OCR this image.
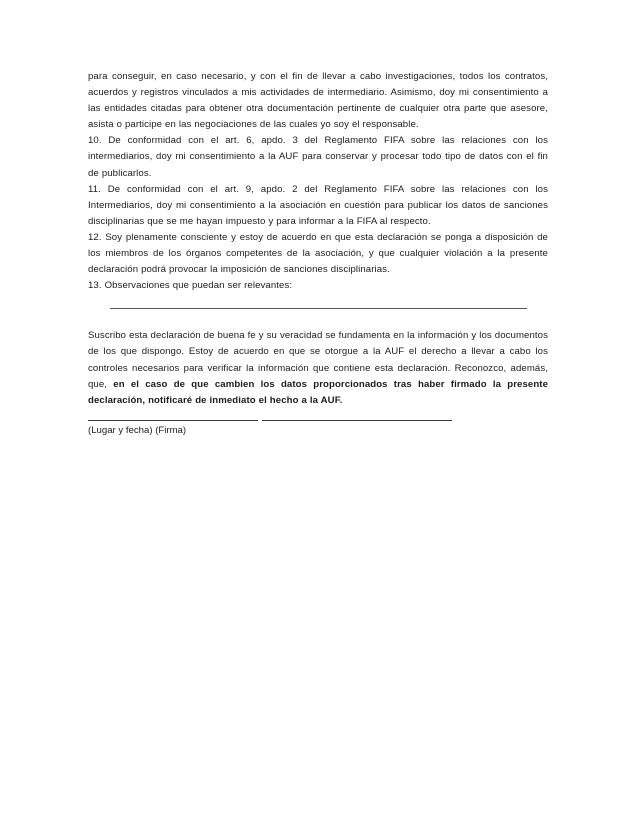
para conseguir, en caso necesario, y con el fin de llevar a cabo investigaciones, todos los contratos, acuerdos y registros vinculados a mis actividades de intermediario. Asimismo, doy mi consentimiento a las entidades citadas para obtener otra documentación pertinente de cualquier otra parte que asesore, asista o participe en las negociaciones de las cuales yo soy el responsable.

10. De conformidad con el art. 6, apdo. 3 del Reglamento FIFA sobre las relaciones con los intermediarios, doy mi consentimiento a la AUF para conservar y procesar todo tipo de datos con el fin de publicarlos.

11. De conformidad con el art. 9, apdo. 2 del Reglamento FIFA sobre las relaciones con los Intermediarios, doy mi consentimiento a la asociación en cuestión para publicar los datos de sanciones disciplinarias que se me hayan impuesto y para informar a la FIFA al respecto.

12. Soy plenamente consciente y estoy de acuerdo en que esta declaración se ponga a disposición de los miembros de los órganos competentes de la asociación, y que cualquier violación a la presente declaración podrá provocar la imposición de sanciones disciplinarias.

13. Observaciones que puedan ser relevantes:

Suscribo esta declaración de buena fe y su veracidad se fundamenta en la información y los documentos de los que dispongo. Estoy de acuerdo en que se otorgue a la AUF el derecho a llevar a cabo los controles necesarios para verificar la información que contiene esta declaración. Reconozco, además, que, en el caso de que cambien los datos proporcionados tras haber firmado la presente declaración, notificaré de inmediato el hecho a la AUF.

(Lugar y fecha) (Firma)
